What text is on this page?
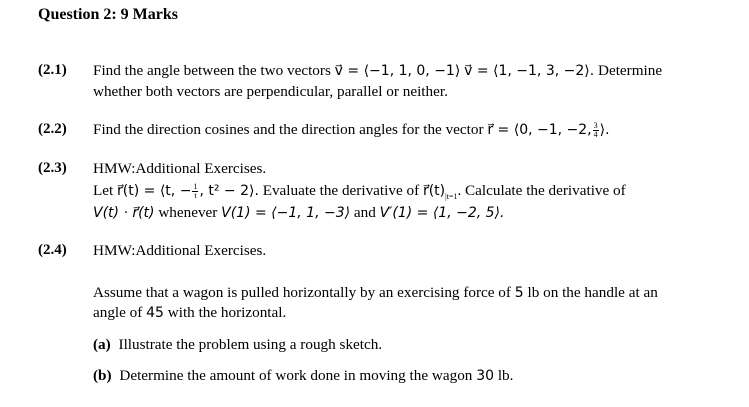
Question 2: 9 Marks
(2.1) Find the angle between the two vectors v⃗ = ⟨−1, 1, 0, −1⟩ v⃗ = ⟨1, −1, 3, −2⟩. Determine
whether both vectors are perpendicular, parallel or neither.
(2.2) Find the direction cosines and the direction angles for the vector r⃗ = ⟨0, −1, −2, $\frac{3}{4}$ ⟩.
(2.3) HMW:Additional Exercises.
Let r⃗(t) = ⟨t, − $\frac{1}{t}$ , t² − 2⟩. Evaluate the derivative of $r⃗(t)_{|t=1}$. Calculate the derivative of
V(t) · r⃗(t) whenever V(1) = ⟨−1, 1, −3⟩ and V′(1) = ⟨1, −2, 5⟩.
(2.4) HMW:Additional Exercises.
Assume that a wagon is pulled horizontally by an exercising force of 5 lb on the handle at an
angle of 45 with the horizontal.
(a) Illustrate the problem using a rough sketch.
(b) Determine the amount of work done in moving the wagon 30 lb.
